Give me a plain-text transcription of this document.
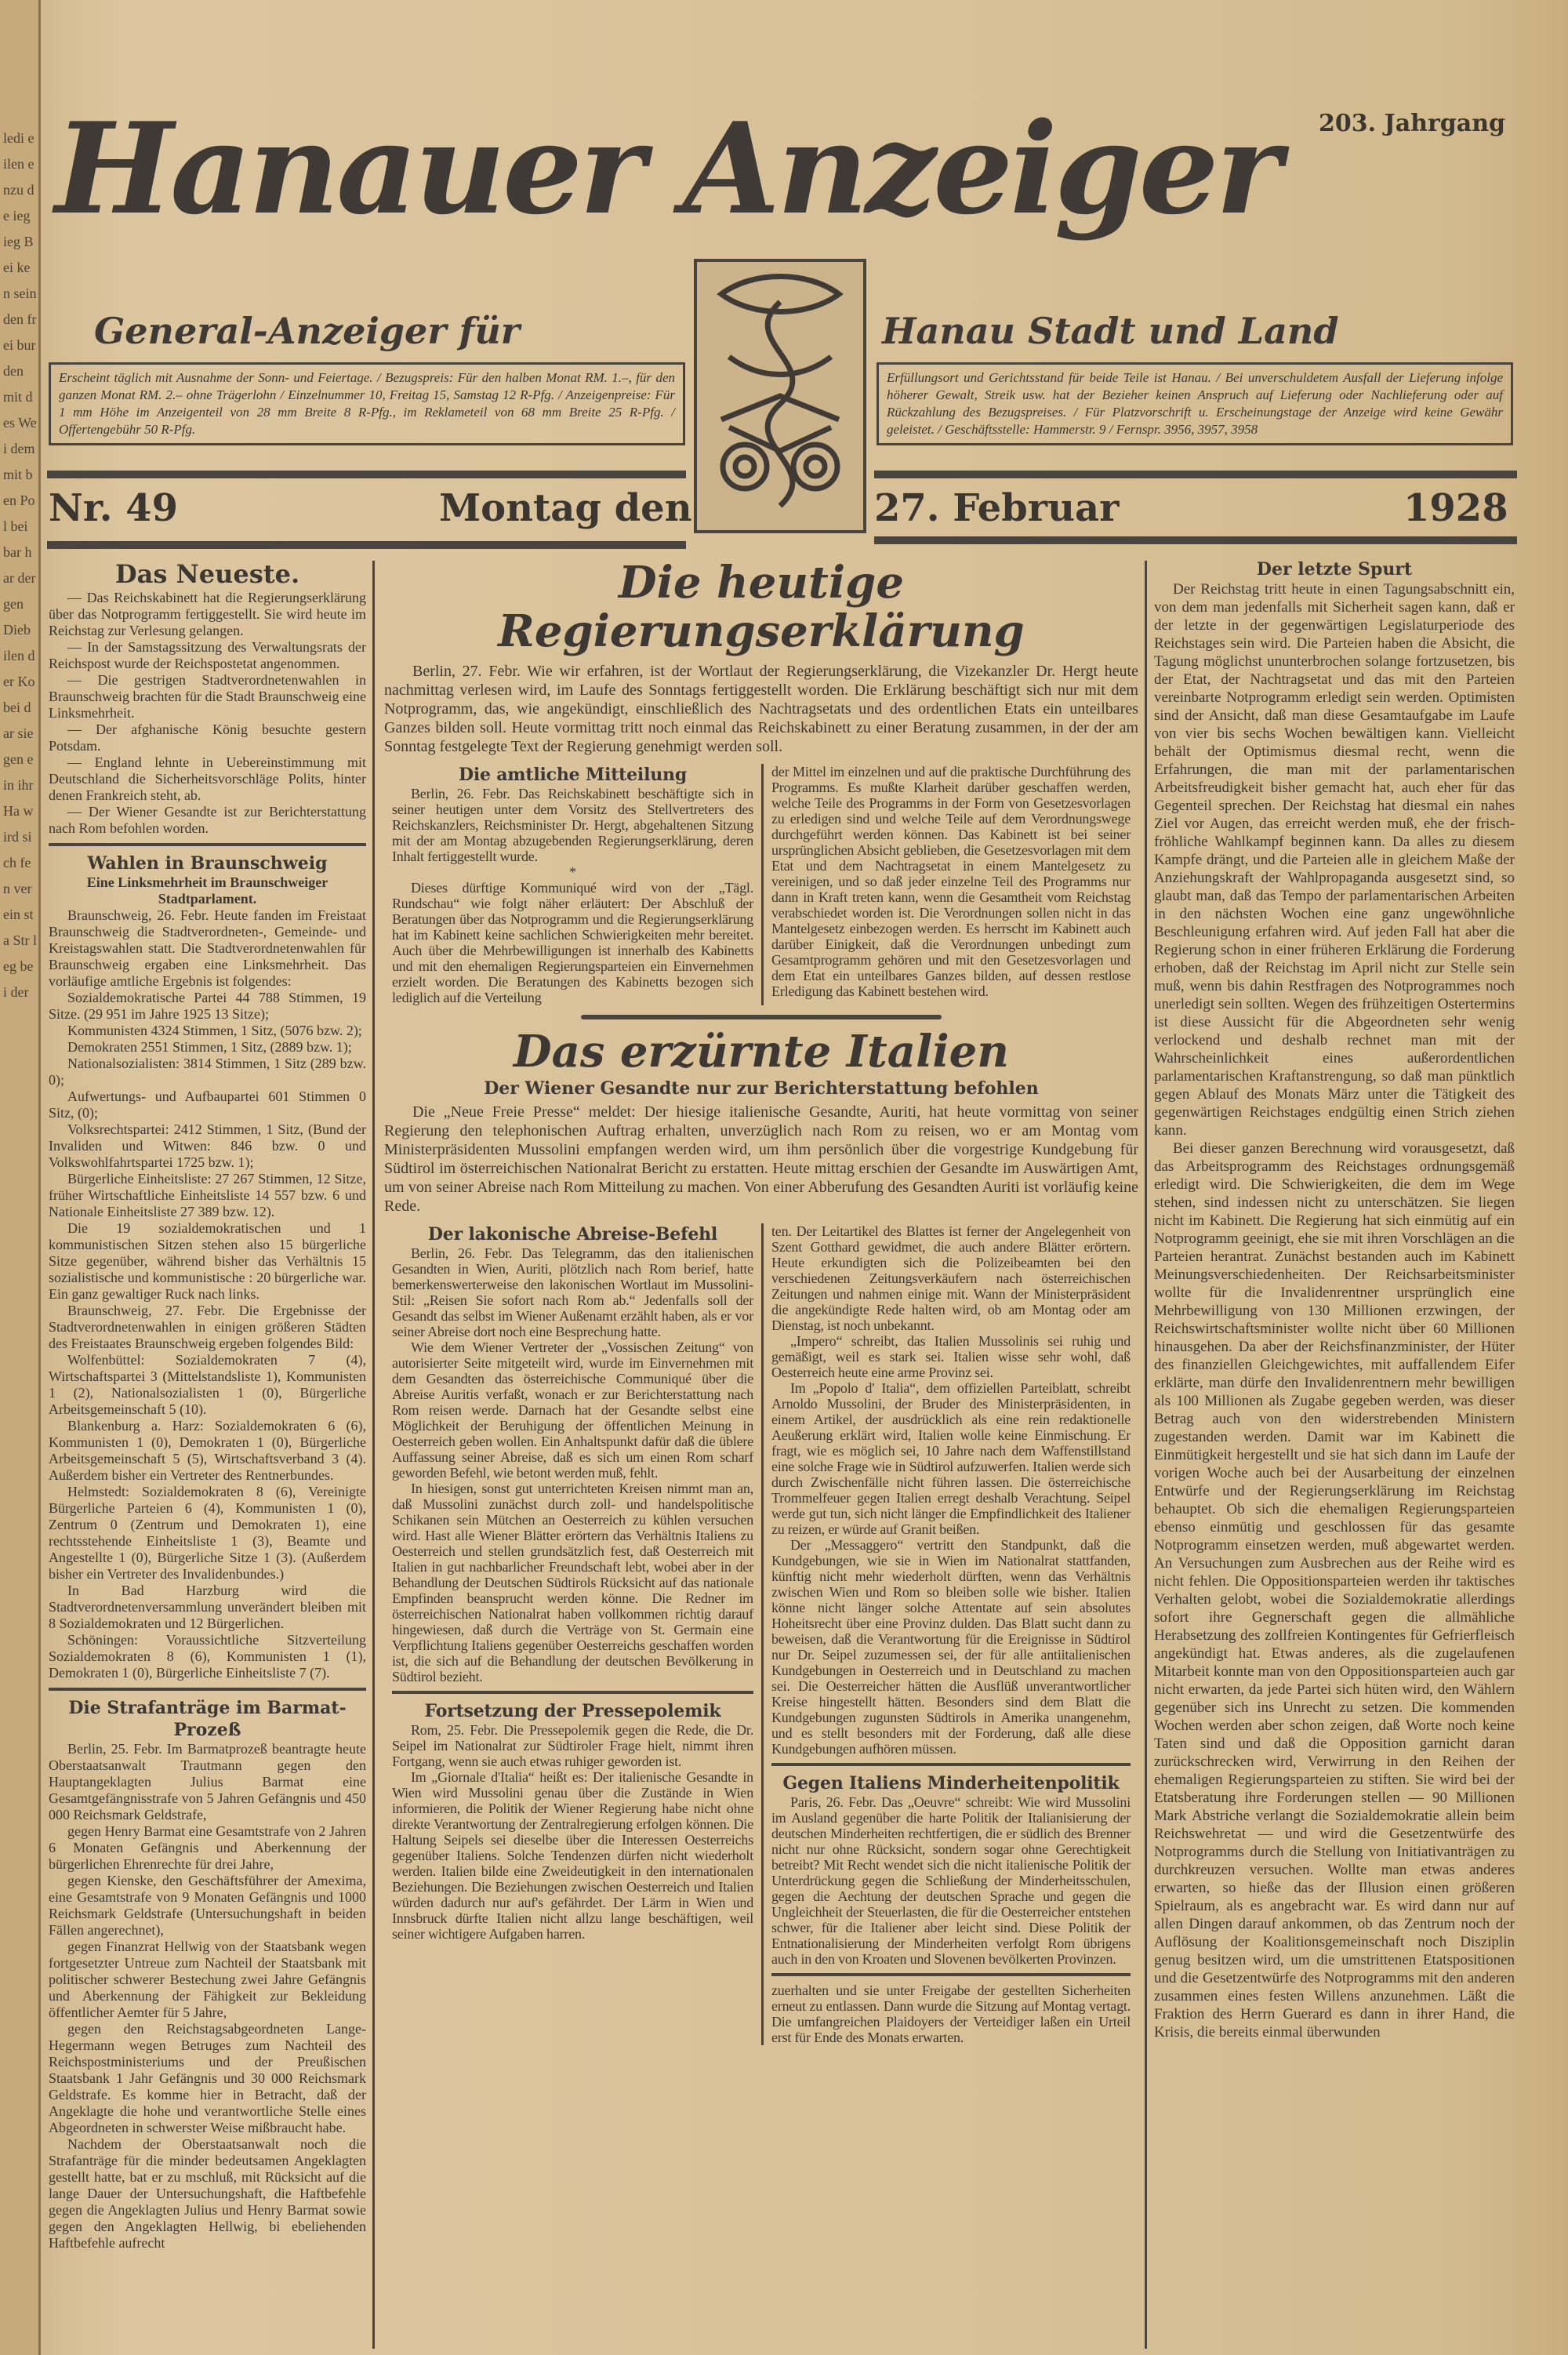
ledi eilen enzu de ieg ieg Bei ken sein den frei bur den mit des Wei dem mit ben Pol bei bar har der gen Dieb ilen der Ko bei dar sie gen ein ihr Ha wird sich fen ver ein sta Str leg bei der
Hanauer Anzeiger 203. Jahrgang
General-Anzeiger für	Hanau Stadt und Land
Erscheint täglich mit Ausnahme der Sonn- und Feiertage. / Bezugspreis: Für den halben Monat RM. 1.–, für den ganzen Monat RM. 2.– ohne Trägerlohn / Einzelnummer 10, Freitag 15, Samstag 12 R-Pfg. / Anzeigenpreise: Für 1 mm Höhe im Anzeigenteil von 28 mm Breite 8 R-Pfg., im Reklameteil von 68 mm Breite 25 R-Pfg. / Offertengebühr 50 R-Pfg.
Erfüllungsort und Gerichtsstand für beide Teile ist Hanau. / Bei unverschuldetem Ausfall der Lieferung infolge höherer Gewalt, Streik usw. hat der Bezieher keinen Anspruch auf Lieferung oder Nachlieferung oder auf Rückzahlung des Bezugspreises. / Für Platzvorschrift u. Erscheinungstage der Anzeige wird keine Gewähr geleistet. / Geschäftsstelle: Hammerstr. 9 / Fernspr. 3956, 3957, 3958
Nr. 49	Montag den	27. Februar	1928
Das Neueste.

— Das Reichskabinett hat die Regierungserklärung über das Notprogramm fertiggestellt. Sie wird heute im Reichstag zur Verlesung gelangen.

— In der Samstagssitzung des Verwaltungsrats der Reichspost wurde der Reichspostetat angenommen.

— Die gestrigen Stadtverordnetenwahlen in Braunschweig brachten für die Stadt Braunschweig eine Linksmehrheit.

— Der afghanische König besuchte gestern Potsdam.

— England lehnte in Uebereinstimmung mit Deutschland die Sicherheitsvorschläge Polits, hinter denen Frankreich steht, ab.

— Der Wiener Gesandte ist zur Berichterstattung nach Rom befohlen worden.

Wahlen in Braunschweig
Eine Linksmehrheit im Braunschweiger Stadtparlament.

Braunschweig, 26. Febr. Heute fanden im Freistaat Braunschweig die Stadtverordneten-, Gemeinde- und Kreistagswahlen statt. Die Stadtverordnetenwahlen für Braunschweig ergaben eine Linksmehrheit. Das vorläufige amtliche Ergebnis ist folgendes:

Sozialdemokratische Partei 44 788 Stimmen, 19 Sitze. (29 951 im Jahre 1925 13 Sitze);

Kommunisten 4324 Stimmen, 1 Sitz, (5076 bzw. 2);

Demokraten 2551 Stimmen, 1 Sitz, (2889 bzw. 1);

Nationalsozialisten: 3814 Stimmen, 1 Sitz (289 bzw. 0);

Aufwertungs- und Aufbaupartei 601 Stimmen 0 Sitz, (0);

Volksrechtspartei: 2412 Stimmen, 1 Sitz, (Bund der Invaliden und Witwen: 846 bzw. 0 und Volkswohlfahrtspartei 1725 bzw. 1);

Bürgerliche Einheitsliste: 27 267 Stimmen, 12 Sitze, früher Wirtschaftliche Einheitsliste 14 557 bzw. 6 und Nationale Einheitsliste 27 389 bzw. 12).

Die 19 sozialdemokratischen und 1 kommunistischen Sitzen stehen also 15 bürgerliche Sitze gegenüber, während bisher das Verhältnis 15 sozialistische und kommunistische : 20 bürgerliche war. Ein ganz gewaltiger Ruck nach links.

Braunschweig, 27. Febr. Die Ergebnisse der Stadtverordnetenwahlen in einigen größeren Städten des Freistaates Braunschweig ergeben folgendes Bild:

Wolfenbüttel: Sozialdemokraten 7 (4), Wirtschaftspartei 3 (Mittelstandsliste 1), Kommunisten 1 (2), Nationalsozialisten 1 (0), Bürgerliche Arbeitsgemeinschaft 5 (10).

Blankenburg a. Harz: Sozialdemokraten 6 (6), Kommunisten 1 (0), Demokraten 1 (0), Bürgerliche Arbeitsgemeinschaft 5 (5), Wirtschaftsverband 3 (4). Außerdem bisher ein Vertreter des Rentnerbundes.

Helmstedt: Sozialdemokraten 8 (6), Vereinigte Bürgerliche Parteien 6 (4), Kommunisten 1 (0), Zentrum 0 (Zentrum und Demokraten 1), eine rechtsstehende Einheitsliste 1 (3), Beamte und Angestellte 1 (0), Bürgerliche Sitze 1 (3). (Außerdem bisher ein Vertreter des Invalidenbundes.)

In Bad Harzburg wird die Stadtverordnetenversammlung unverändert bleiben mit 8 Sozialdemokraten und 12 Bürgerlichen.

Schöningen: Voraussichtliche Sitzverteilung Sozialdemokraten 8 (6), Kommunisten 1 (1), Demokraten 1 (0), Bürgerliche Einheitsliste 7 (7).

Die Strafanträge im Barmat-Prozeß

Berlin, 25. Febr. Im Barmatprozeß beantragte heute Oberstaatsanwalt Trautmann gegen den Hauptangeklagten Julius Barmat eine Gesamtgefängnisstrafe von 5 Jahren Gefängnis und 450 000 Reichsmark Geldstrafe,

gegen Henry Barmat eine Gesamtstrafe von 2 Jahren 6 Monaten Gefängnis und Aberkennung der bürgerlichen Ehrenrechte für drei Jahre,

gegen Kienske, den Geschäftsführer der Amexima, eine Gesamtstrafe von 9 Monaten Gefängnis und 1000 Reichsmark Geldstrafe (Untersuchungshaft in beiden Fällen angerechnet),

gegen Finanzrat Hellwig von der Staatsbank wegen fortgesetzter Untreue zum Nachteil der Staatsbank mit politischer schwerer Bestechung zwei Jahre Gefängnis und Aberkennung der Fähigkeit zur Bekleidung öffentlicher Aemter für 5 Jahre,

gegen den Reichstagsabgeordneten Lange-Hegermann wegen Betruges zum Nachteil des Reichspostministeriums und der Preußischen Staatsbank 1 Jahr Gefängnis und 30 000 Reichsmark Geldstrafe. Es komme hier in Betracht, daß der Angeklagte die hohe und verantwortliche Stelle eines Abgeordneten in schwerster Weise mißbraucht habe.

Nachdem der Oberstaatsanwalt noch die Strafanträge für die minder bedeutsamen Angeklagten gestellt hatte, bat er zu mschluß, mit Rücksicht auf die lange Dauer der Untersuchungshaft, die Haftbefehle gegen die Angeklagten Julius und Henry Barmat sowie gegen den Angeklagten Hellwig, bi ebeliehenden Haftbefehle aufrecht

Die heutige Regierungserklärung

Berlin, 27. Febr. Wie wir erfahren, ist der Wortlaut der Regierungserklärung, die Vizekanzler Dr. Hergt heute nachmittag verlesen wird, im Laufe des Sonntags fertiggestellt worden. Die Erklärung beschäftigt sich nur mit dem Notprogramm, das, wie angekündigt, einschließlich des Nachtragsetats und des ordentlichen Etats ein unteilbares Ganzes bilden soll. Heute vormittag tritt noch einmal das Reichskabinett zu einer Beratung zusammen, in der der am Sonntag festgelegte Text der Regierung genehmigt werden soll.

Die amtliche Mitteilung

Berlin, 26. Febr. Das Reichskabinett beschäftigte sich in seiner heutigen unter dem Vorsitz des Stellvertreters des Reichskanzlers, Reichsminister Dr. Hergt, abgehaltenen Sitzung mit der am Montag abzugebenden Regierungserklärung, deren Inhalt fertiggestellt wurde.

*

Dieses dürftige Kommuniqué wird von der „Tägl. Rundschau“ wie folgt näher erläutert: Der Abschluß der Beratungen über das Notprogramm und die Regierungserklärung hat im Kabinett keine sachlichen Schwierigkeiten mehr bereitet. Auch über die Mehrbewilligungen ist innerhalb des Kabinetts und mit den ehemaligen Regierungsparteien ein Einvernehmen erzielt worden. Die Beratungen des Kabinetts bezogen sich lediglich auf die Verteilung

der Mittel im einzelnen und auf die praktische Durchführung des Programms. Es mußte Klarheit darüber geschaffen werden, welche Teile des Programms in der Form von Gesetzesvorlagen zu erledigen sind und welche Teile auf dem Verordnungswege durchgeführt werden können. Das Kabinett ist bei seiner ursprünglichen Absicht geblieben, die Gesetzesvorlagen mit dem Etat und dem Nachtragsetat in einem Mantelgesetz zu vereinigen, und so daß jeder einzelne Teil des Programms nur dann in Kraft treten kann, wenn die Gesamtheit vom Reichstag verabschiedet worden ist. Die Verordnungen sollen nicht in das Mantelgesetz einbezogen werden. Es herrscht im Kabinett auch darüber Einigkeit, daß die Verordnungen unbedingt zum Gesamtprogramm gehören und mit den Gesetzesvorlagen und dem Etat ein unteilbares Ganzes bilden, auf dessen restlose Erledigung das Kabinett bestehen wird.

Das erzürnte Italien
Der Wiener Gesandte nur zur Berichterstattung befohlen

Die „Neue Freie Presse“ meldet: Der hiesige italienische Gesandte, Auriti, hat heute vormittag von seiner Regierung den telephonischen Auftrag erhalten, unverzüglich nach Rom zu reisen, wo er am Montag vom Ministerpräsidenten Mussolini empfangen werden wird, um ihm persönlich über die vorgestrige Kundgebung für Südtirol im österreichischen Nationalrat Bericht zu erstatten. Heute mittag erschien der Gesandte im Auswärtigen Amt, um von seiner Abreise nach Rom Mitteilung zu machen. Von einer Abberufung des Gesandten Auriti ist vorläufig keine Rede.

Der lakonische Abreise-Befehl

Berlin, 26. Febr. Das Telegramm, das den italienischen Gesandten in Wien, Auriti, plötzlich nach Rom berief, hatte bemerkenswerterweise den lakonischen Wortlaut im Mussolini-Stil: „Reisen Sie sofort nach Rom ab.“ Jedenfalls soll der Gesandt das selbst im Wiener Außenamt erzählt haben, als er vor seiner Abreise dort noch eine Besprechung hatte.

Wie dem Wiener Vertreter der „Vossischen Zeitung“ von autorisierter Seite mitgeteilt wird, wurde im Einvernehmen mit dem Gesandten das österreichische Communiqué über die Abreise Auritis verfaßt, wonach er zur Berichterstattung nach Rom reisen werde. Darnach hat der Gesandte selbst eine Möglichkeit der Beruhigung der öffentlichen Meinung in Oesterreich geben wollen. Ein Anhaltspunkt dafür daß die üblere Auffassung seiner Abreise, daß es sich um einen Rom scharf geworden Befehl, wie betont werden muß, fehlt.

In hiesigen, sonst gut unterrichteten Kreisen nimmt man an, daß Mussolini zunächst durch zoll- und handelspolitische Schikanen sein Mütchen an Oesterreich zu kühlen versuchen wird. Hast alle Wiener Blätter erörtern das Verhältnis Italiens zu Oesterreich und stellen grundsätzlich fest, daß Oesterreich mit Italien in gut nachbarlicher Freundschaft lebt, wobei aber in der Behandlung der Deutschen Südtirols Rücksicht auf das nationale Empfinden beansprucht werden könne. Die Redner im österreichischen Nationalrat haben vollkommen richtig darauf hingewiesen, daß durch die Verträge von St. Germain eine Verpflichtung Italiens gegenüber Oesterreichs geschaffen worden ist, die sich auf die Behandlung der deutschen Bevölkerung in Südtirol bezieht.

Fortsetzung der Pressepolemik

Rom, 25. Febr. Die Pressepolemik gegen die Rede, die Dr. Seipel im Nationalrat zur Südtiroler Frage hielt, nimmt ihren Fortgang, wenn sie auch etwas ruhiger geworden ist.

Im „Giornale d'Italia“ heißt es: Der italienische Gesandte in Wien wird Mussolini genau über die Zustände in Wien informieren, die Politik der Wiener Regierung habe nicht ohne direkte Verantwortung der Zentralregierung erfolgen können. Die Haltung Seipels sei dieselbe über die Interessen Oesterreichs gegenüber Italiens. Solche Tendenzen dürfen nicht wiederholt werden. Italien bilde eine Zweideutigkeit in den internationalen Beziehungen. Die Beziehungen zwischen Oesterreich und Italien würden dadurch nur auf's gefährdet. Der Lärm in Wien und Innsbruck dürfte Italien nicht allzu lange beschäftigen, weil seiner wichtigere Aufgaben harren.

ten. Der Leitartikel des Blattes ist ferner der Angelegenheit von Szent Gotthard gewidmet, die auch andere Blätter erörtern. Heute erkundigten sich die Polizeibeamten bei den verschiedenen Zeitungsverkäufern nach österreichischen Zeitungen und nahmen einige mit. Wann der Ministerpräsident die angekündigte Rede halten wird, ob am Montag oder am Dienstag, ist noch unbekannt.

„Impero“ schreibt, das Italien Mussolinis sei ruhig und gemäßigt, weil es stark sei. Italien wisse sehr wohl, daß Oesterreich heute eine arme Provinz sei.

Im „Popolo d' Italia“, dem offiziellen Parteiblatt, schreibt Arnoldo Mussolini, der Bruder des Ministerpräsidenten, in einem Artikel, der ausdrücklich als eine rein redaktionelle Aeußerung erklärt wird, Italien wolle keine Einmischung. Er fragt, wie es möglich sei, 10 Jahre nach dem Waffenstillstand eine solche Frage wie in Südtirol aufzuwerfen. Italien werde sich durch Zwischenfälle nicht führen lassen. Die österreichische Trommelfeuer gegen Italien erregt deshalb Verachtung. Seipel werde gut tun, sich nicht länger die Empfindlichkeit des Italiener zu reizen, er würde auf Granit beißen.

Der „Messaggero“ vertritt den Standpunkt, daß die Kundgebungen, wie sie in Wien im Nationalrat stattfanden, künftig nicht mehr wiederholt dürften, wenn das Verhältnis zwischen Wien und Rom so bleiben solle wie bisher. Italien könne nicht länger solche Attentate auf sein absolutes Hoheitsrecht über eine Provinz dulden. Das Blatt sucht dann zu beweisen, daß die Verantwortung für die Ereignisse in Südtirol nur Dr. Seipel zuzumessen sei, der für alle antiitalienischen Kundgebungen in Oesterreich und in Deutschland zu machen sei. Die Oesterreicher hätten die Ausflüß unverantwortlicher Kreise hingestellt hätten. Besonders sind dem Blatt die Kundgebungen zugunsten Südtirols in Amerika unangenehm, und es stellt besonders mit der Forderung, daß alle diese Kundgebungen aufhören müssen.

Gegen Italiens Minderheitenpolitik

Paris, 26. Febr. Das „Oeuvre“ schreibt: Wie wird Mussolini im Ausland gegenüber die harte Politik der Italianisierung der deutschen Minderheiten rechtfertigen, die er südlich des Brenner nicht nur ohne Rücksicht, sondern sogar ohne Gerechtigkeit betreibt? Mit Recht wendet sich die nicht italienische Politik der Unterdrückung gegen die Schließung der Minderheitsschulen, gegen die Aechtung der deutschen Sprache und gegen die Ungleichheit der Steuerlasten, die für die Oesterreicher entstehen schwer, für die Italiener aber leicht sind. Diese Politik der Entnationalisierung der Minderheiten verfolgt Rom übrigens auch in den von Kroaten und Slovenen bevölkerten Provinzen.

zuerhalten und sie unter Freigabe der gestellten Sicherheiten erneut zu entlassen. Dann wurde die Sitzung auf Montag vertagt. Die umfangreichen Plaidoyers der Verteidiger laßen ein Urteil erst für Ende des Monats erwarten.

Der letzte Spurt

Der Reichstag tritt heute in einen Tagungsabschnitt ein, von dem man jedenfalls mit Sicherheit sagen kann, daß er der letzte in der gegenwärtigen Legislaturperiode des Reichstages sein wird. Die Parteien haben die Absicht, die Tagung möglichst ununterbrochen solange fortzusetzen, bis der Etat, der Nachtragsetat und das mit den Parteien vereinbarte Notprogramm erledigt sein werden. Optimisten sind der Ansicht, daß man diese Gesamtaufgabe im Laufe von vier bis sechs Wochen bewältigen kann. Vielleicht behält der Optimismus diesmal recht, wenn die Erfahrungen, die man mit der parlamentarischen Arbeitsfreudigkeit bisher gemacht hat, auch eher für das Gegenteil sprechen. Der Reichstag hat diesmal ein nahes Ziel vor Augen, das erreicht werden muß, ehe der frisch-fröhliche Wahlkampf beginnen kann. Da alles zu diesem Kampfe drängt, und die Parteien alle in gleichem Maße der Anziehungskraft der Wahlpropaganda ausgesetzt sind, so glaubt man, daß das Tempo der parlamentarischen Arbeiten in den nächsten Wochen eine ganz ungewöhnliche Beschleunigung erfahren wird. Auf jeden Fall hat aber die Regierung schon in einer früheren Erklärung die Forderung erhoben, daß der Reichstag im April nicht zur Stelle sein muß, wenn bis dahin Restfragen des Notprogrammes noch unerledigt sein sollten. Wegen des frühzeitigen Ostertermins ist diese Aussicht für die Abgeordneten sehr wenig verlockend und deshalb rechnet man mit der Wahrscheinlichkeit eines außerordentlichen parlamentarischen Kraftanstrengung, so daß man pünktlich gegen Ablauf des Monats März unter die Tätigkeit des gegenwärtigen Reichstages endgültig einen Strich ziehen kann.

Bei dieser ganzen Berechnung wird vorausgesetzt, daß das Arbeitsprogramm des Reichstages ordnungsgemäß erledigt wird. Die Schwierigkeiten, die dem im Wege stehen, sind indessen nicht zu unterschätzen. Sie liegen nicht im Kabinett. Die Regierung hat sich einmütig auf ein Notprogramm geeinigt, ehe sie mit ihren Vorschlägen an die Parteien herantrat. Zunächst bestanden auch im Kabinett Meinungsverschiedenheiten. Der Reichsarbeitsminister wollte für die Invalidenrentner ursprünglich eine Mehrbewilligung von 130 Millionen erzwingen, der Reichswirtschaftsminister wollte nicht über 60 Millionen hinausgehen. Da aber der Reichsfinanzminister, der Hüter des finanziellen Gleichgewichtes, mit auffallendem Eifer erklärte, man dürfe den Invalidenrentnern mehr bewilligen als 100 Millionen als Zugabe gegeben werden, was dieser Betrag auch von den widerstrebenden Ministern zugestanden werden. Damit war im Kabinett die Einmütigkeit hergestellt und sie hat sich dann im Laufe der vorigen Woche auch bei der Ausarbeitung der einzelnen Entwürfe und der Regierungserklärung im Reichstag behauptet. Ob sich die ehemaligen Regierungsparteien ebenso einmütig und geschlossen für das gesamte Notprogramm einsetzen werden, muß abgewartet werden. An Versuchungen zum Ausbrechen aus der Reihe wird es nicht fehlen. Die Oppositionsparteien werden ihr taktisches Verhalten gelobt, wobei die Sozialdemokratie allerdings sofort ihre Gegnerschaft gegen die allmähliche Herabsetzung des zollfreien Kontingentes für Gefrierfleisch angekündigt hat. Etwas anderes, als die zugelaufenen Mitarbeit konnte man von den Oppositionsparteien auch gar nicht erwarten, da jede Partei sich hüten wird, den Wählern gegenüber sich ins Unrecht zu setzen. Die kommenden Wochen werden aber schon zeigen, daß Worte noch keine Taten sind und daß die Opposition garnicht daran zurückschrecken wird, Verwirrung in den Reihen der ehemaligen Regierungsparteien zu stiften. Sie wird bei der Etatsberatung ihre Forderungen stellen — 90 Millionen Mark Abstriche verlangt die Sozialdemokratie allein beim Reichswehretat — und wird die Gesetzentwürfe des Notprogramms durch die Stellung von Initiativanträgen zu durchkreuzen versuchen. Wollte man etwas anderes erwarten, so hieße das der Illusion einen größeren Spielraum, als es angebracht war. Es wird dann nur auf allen Dingen darauf ankommen, ob das Zentrum noch der Auflösung der Koalitionsgemeinschaft noch Disziplin genug besitzen wird, um die umstrittenen Etatspositionen und die Gesetzentwürfe des Notprogramms mit den anderen zusammen eines festen Willens anzunehmen. Läßt die Fraktion des Herrn Guerard es dann in ihrer Hand, die Krisis, die bereits einmal überwunden
